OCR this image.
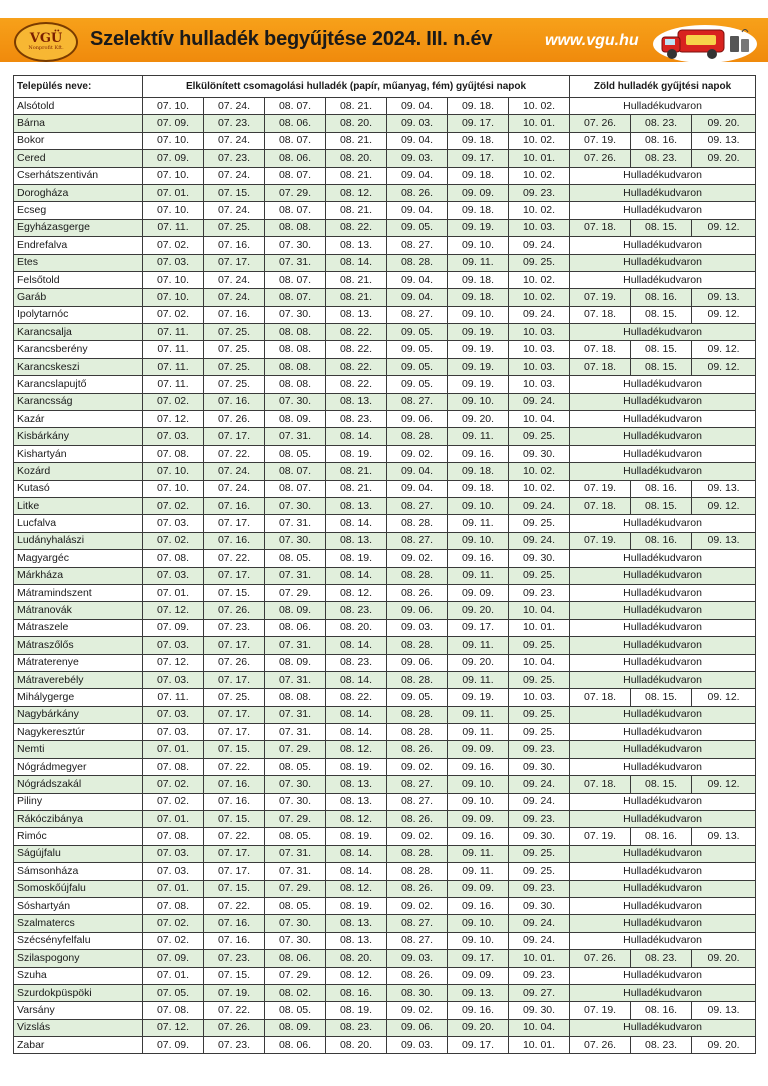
VGÜ
Nonprofit Kft. Szelektív hulladék begyűjtése 2024. III. n.év	www.vgu.hu
Település neve:	Elkülönített csomagolási hulladék (papír, műanyag, fém) gyűjtési napok							Zöld hulladék gyűjtési napok		
Alsótold	07. 10.	07. 24.	08. 07.	08. 21.	09. 04.	09. 18.	10. 02.	Hulladékudvaron		
Bárna	07. 09.	07. 23.	08. 06.	08. 20.	09. 03.	09. 17.	10. 01.	07. 26.	08. 23.	09. 20.
Bokor	07. 10.	07. 24.	08. 07.	08. 21.	09. 04.	09. 18.	10. 02.	07. 19.	08. 16.	09. 13.
Cered	07. 09.	07. 23.	08. 06.	08. 20.	09. 03.	09. 17.	10. 01.	07. 26.	08. 23.	09. 20.
Cserhátszentiván	07. 10.	07. 24.	08. 07.	08. 21.	09. 04.	09. 18.	10. 02.	Hulladékudvaron		
Dorogháza	07. 01.	07. 15.	07. 29.	08. 12.	08. 26.	09. 09.	09. 23.	Hulladékudvaron		
Ecseg	07. 10.	07. 24.	08. 07.	08. 21.	09. 04.	09. 18.	10. 02.	Hulladékudvaron		
Egyházasgerge	07. 11.	07. 25.	08. 08.	08. 22.	09. 05.	09. 19.	10. 03.	07. 18.	08. 15.	09. 12.
Endrefalva	07. 02.	07. 16.	07. 30.	08. 13.	08. 27.	09. 10.	09. 24.	Hulladékudvaron		
Etes	07. 03.	07. 17.	07. 31.	08. 14.	08. 28.	09. 11.	09. 25.	Hulladékudvaron		
Felsőtold	07. 10.	07. 24.	08. 07.	08. 21.	09. 04.	09. 18.	10. 02.	Hulladékudvaron		
Garáb	07. 10.	07. 24.	08. 07.	08. 21.	09. 04.	09. 18.	10. 02.	07. 19.	08. 16.	09. 13.
Ipolytarnóc	07. 02.	07. 16.	07. 30.	08. 13.	08. 27.	09. 10.	09. 24.	07. 18.	08. 15.	09. 12.
Karancsalja	07. 11.	07. 25.	08. 08.	08. 22.	09. 05.	09. 19.	10. 03.	Hulladékudvaron		
Karancsberény	07. 11.	07. 25.	08. 08.	08. 22.	09. 05.	09. 19.	10. 03.	07. 18.	08. 15.	09. 12.
Karancskeszi	07. 11.	07. 25.	08. 08.	08. 22.	09. 05.	09. 19.	10. 03.	07. 18.	08. 15.	09. 12.
Karancslapujtő	07. 11.	07. 25.	08. 08.	08. 22.	09. 05.	09. 19.	10. 03.	Hulladékudvaron		
Karancsság	07. 02.	07. 16.	07. 30.	08. 13.	08. 27.	09. 10.	09. 24.	Hulladékudvaron		
Kazár	07. 12.	07. 26.	08. 09.	08. 23.	09. 06.	09. 20.	10. 04.	Hulladékudvaron		
Kisbárkány	07. 03.	07. 17.	07. 31.	08. 14.	08. 28.	09. 11.	09. 25.	Hulladékudvaron		
Kishartyán	07. 08.	07. 22.	08. 05.	08. 19.	09. 02.	09. 16.	09. 30.	Hulladékudvaron		
Kozárd	07. 10.	07. 24.	08. 07.	08. 21.	09. 04.	09. 18.	10. 02.	Hulladékudvaron		
Kutasó	07. 10.	07. 24.	08. 07.	08. 21.	09. 04.	09. 18.	10. 02.	07. 19.	08. 16.	09. 13.
Litke	07. 02.	07. 16.	07. 30.	08. 13.	08. 27.	09. 10.	09. 24.	07. 18.	08. 15.	09. 12.
Lucfalva	07. 03.	07. 17.	07. 31.	08. 14.	08. 28.	09. 11.	09. 25.	Hulladékudvaron		
Ludányhalászi	07. 02.	07. 16.	07. 30.	08. 13.	08. 27.	09. 10.	09. 24.	07. 19.	08. 16.	09. 13.
Magyargéc	07. 08.	07. 22.	08. 05.	08. 19.	09. 02.	09. 16.	09. 30.	Hulladékudvaron		
Márkháza	07. 03.	07. 17.	07. 31.	08. 14.	08. 28.	09. 11.	09. 25.	Hulladékudvaron		
Mátramindszent	07. 01.	07. 15.	07. 29.	08. 12.	08. 26.	09. 09.	09. 23.	Hulladékudvaron		
Mátranovák	07. 12.	07. 26.	08. 09.	08. 23.	09. 06.	09. 20.	10. 04.	Hulladékudvaron		
Mátraszele	07. 09.	07. 23.	08. 06.	08. 20.	09. 03.	09. 17.	10. 01.	Hulladékudvaron		
Mátraszőlős	07. 03.	07. 17.	07. 31.	08. 14.	08. 28.	09. 11.	09. 25.	Hulladékudvaron		
Mátraterenye	07. 12.	07. 26.	08. 09.	08. 23.	09. 06.	09. 20.	10. 04.	Hulladékudvaron		
Mátraverebély	07. 03.	07. 17.	07. 31.	08. 14.	08. 28.	09. 11.	09. 25.	Hulladékudvaron		
Mihálygerge	07. 11.	07. 25.	08. 08.	08. 22.	09. 05.	09. 19.	10. 03.	07. 18.	08. 15.	09. 12.
Nagybárkány	07. 03.	07. 17.	07. 31.	08. 14.	08. 28.	09. 11.	09. 25.	Hulladékudvaron		
Nagykeresztúr	07. 03.	07. 17.	07. 31.	08. 14.	08. 28.	09. 11.	09. 25.	Hulladékudvaron		
Nemti	07. 01.	07. 15.	07. 29.	08. 12.	08. 26.	09. 09.	09. 23.	Hulladékudvaron		
Nógrádmegyer	07. 08.	07. 22.	08. 05.	08. 19.	09. 02.	09. 16.	09. 30.	Hulladékudvaron		
Nógrádszakál	07. 02.	07. 16.	07. 30.	08. 13.	08. 27.	09. 10.	09. 24.	07. 18.	08. 15.	09. 12.
Piliny	07. 02.	07. 16.	07. 30.	08. 13.	08. 27.	09. 10.	09. 24.	Hulladékudvaron		
Rákóczibánya	07. 01.	07. 15.	07. 29.	08. 12.	08. 26.	09. 09.	09. 23.	Hulladékudvaron		
Rimóc	07. 08.	07. 22.	08. 05.	08. 19.	09. 02.	09. 16.	09. 30.	07. 19.	08. 16.	09. 13.
Ságújfalu	07. 03.	07. 17.	07. 31.	08. 14.	08. 28.	09. 11.	09. 25.	Hulladékudvaron		
Sámsonháza	07. 03.	07. 17.	07. 31.	08. 14.	08. 28.	09. 11.	09. 25.	Hulladékudvaron		
Somoskőújfalu	07. 01.	07. 15.	07. 29.	08. 12.	08. 26.	09. 09.	09. 23.	Hulladékudvaron		
Sóshartyán	07. 08.	07. 22.	08. 05.	08. 19.	09. 02.	09. 16.	09. 30.	Hulladékudvaron		
Szalmatercs	07. 02.	07. 16.	07. 30.	08. 13.	08. 27.	09. 10.	09. 24.	Hulladékudvaron		
Szécsényfelfalu	07. 02.	07. 16.	07. 30.	08. 13.	08. 27.	09. 10.	09. 24.	Hulladékudvaron		
Szilaspogony	07. 09.	07. 23.	08. 06.	08. 20.	09. 03.	09. 17.	10. 01.	07. 26.	08. 23.	09. 20.
Szuha	07. 01.	07. 15.	07. 29.	08. 12.	08. 26.	09. 09.	09. 23.	Hulladékudvaron		
Szurdokpüspöki	07. 05.	07. 19.	08. 02.	08. 16.	08. 30.	09. 13.	09. 27.	Hulladékudvaron		
Varsány	07. 08.	07. 22.	08. 05.	08. 19.	09. 02.	09. 16.	09. 30.	07. 19.	08. 16.	09. 13.
Vizslás	07. 12.	07. 26.	08. 09.	08. 23.	09. 06.	09. 20.	10. 04.	Hulladékudvaron		
Zabar	07. 09.	07. 23.	08. 06.	08. 20.	09. 03.	09. 17.	10. 01.	07. 26.	08. 23.	09. 20.
